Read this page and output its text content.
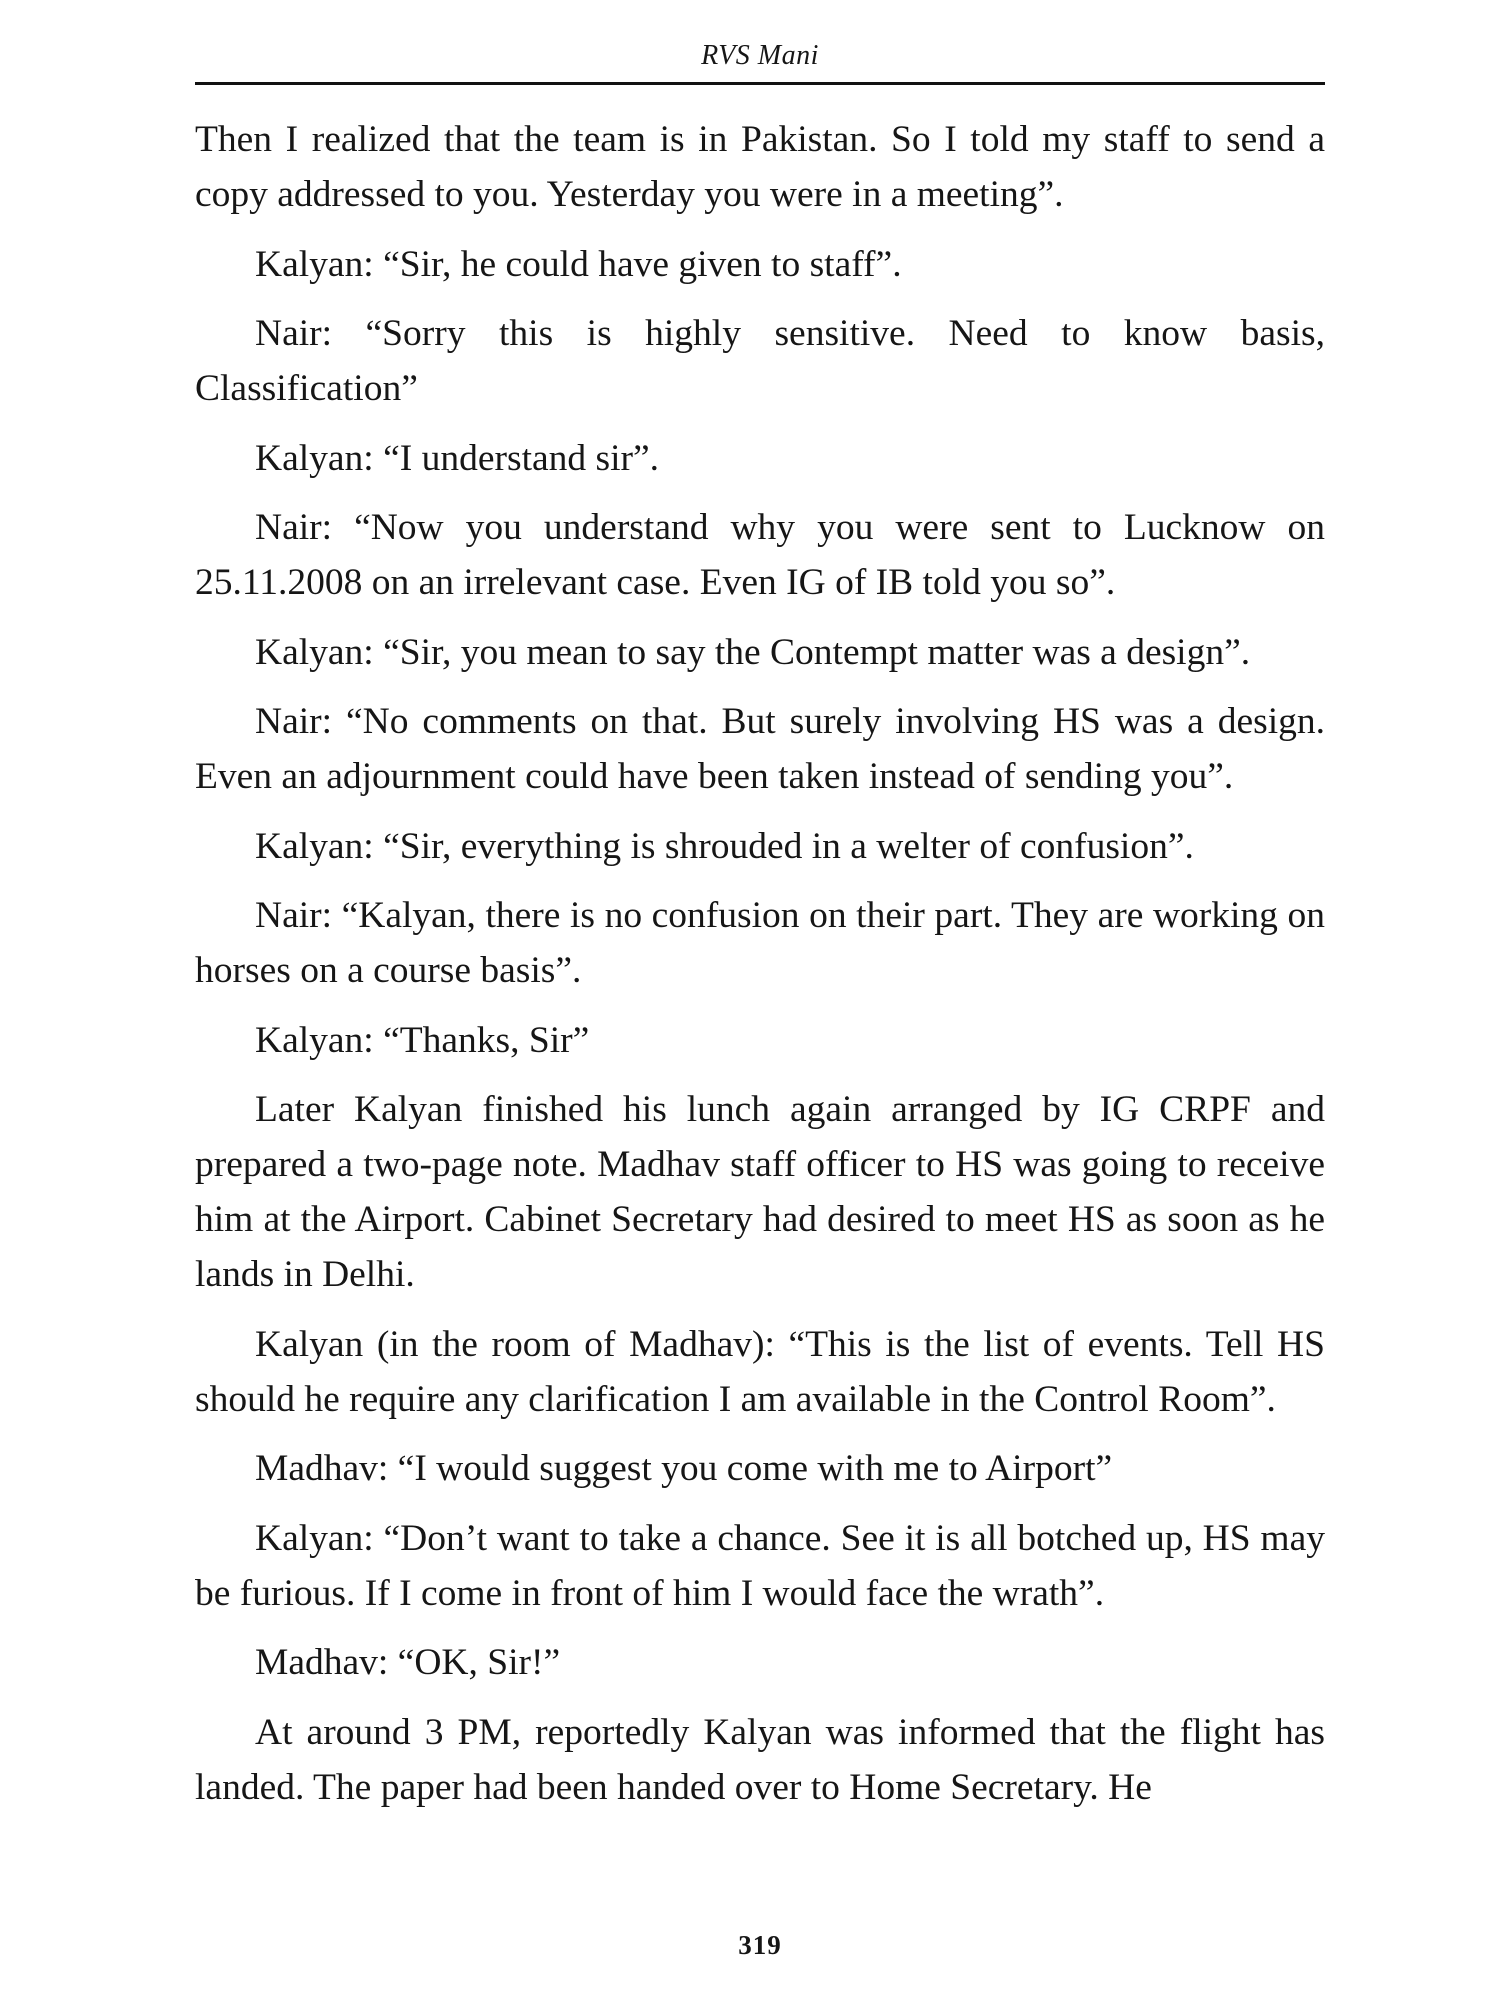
RVS Mani

Then I realized that the team is in Pakistan. So I told my staff to send a copy addressed to you. Yesterday you were in a meeting”.

Kalyan: “Sir, he could have given to staff”.

Nair: “Sorry this is highly sensitive. Need to know basis, Classification”

Kalyan: “I understand sir”.

Nair: “Now you understand why you were sent to Lucknow on 25.11.2008 on an irrelevant case. Even IG of IB told you so”.

Kalyan: “Sir, you mean to say the Contempt matter was a design”.

Nair: “No comments on that. But surely involving HS was a design. Even an adjournment could have been taken instead of sending you”.

Kalyan: “Sir, everything is shrouded in a welter of confusion”.

Nair: “Kalyan, there is no confusion on their part. They are working on horses on a course basis”.

Kalyan: “Thanks, Sir”

Later Kalyan finished his lunch again arranged by IG CRPF and prepared a two-page note. Madhav staff officer to HS was going to receive him at the Airport. Cabinet Secretary had desired to meet HS as soon as he lands in Delhi.

Kalyan (in the room of Madhav): “This is the list of events. Tell HS should he require any clarification I am available in the Control Room”.

Madhav: “I would suggest you come with me to Airport”

Kalyan: “Don’t want to take a chance. See it is all botched up, HS may be furious. If I come in front of him I would face the wrath”.

Madhav: “OK, Sir!”

At around 3 PM, reportedly Kalyan was informed that the flight has landed. The paper had been handed over to Home Secretary. He

319
